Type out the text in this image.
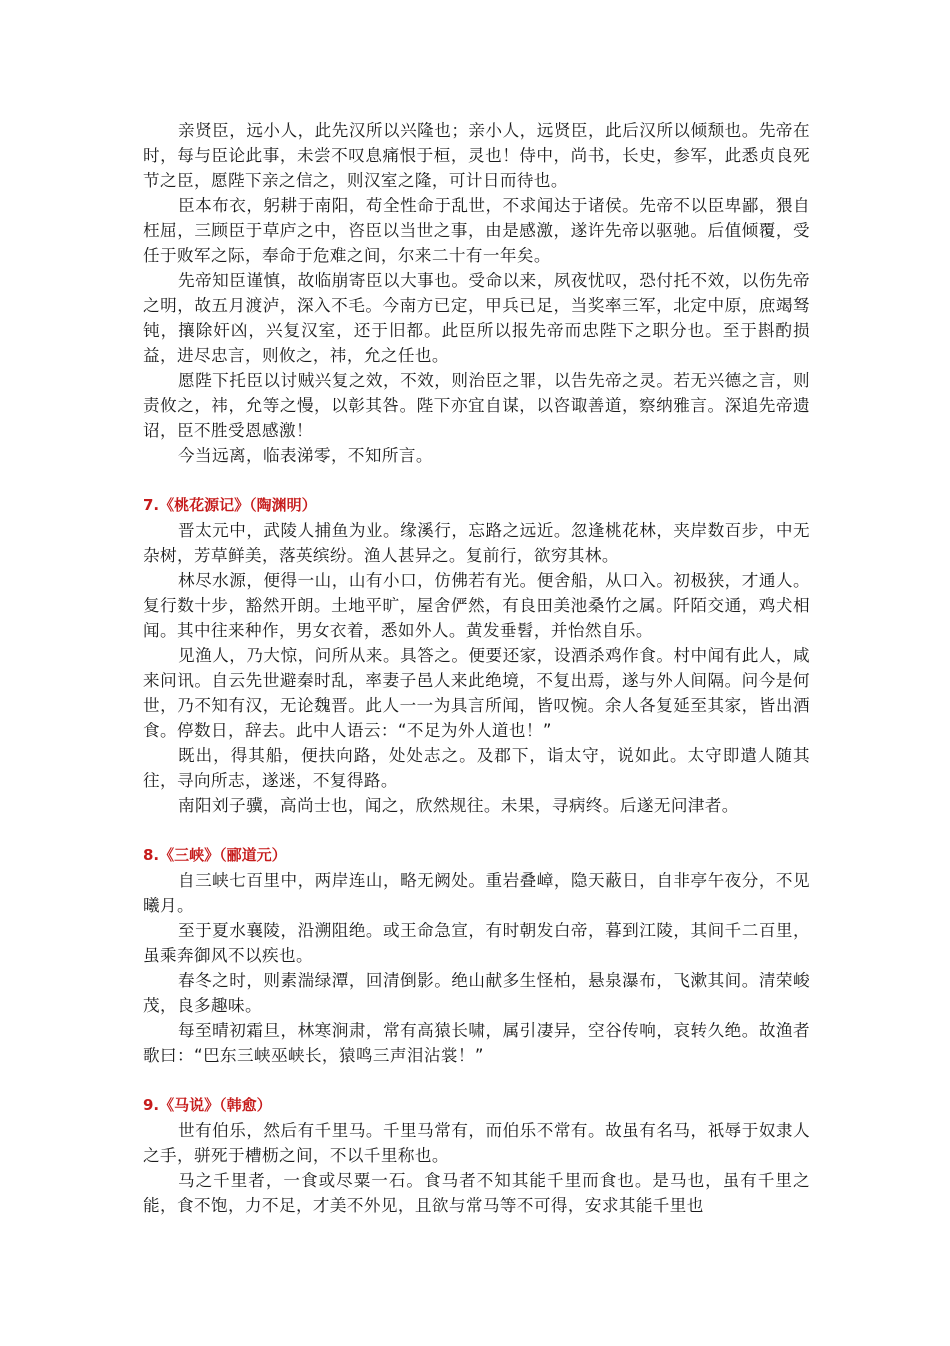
亲贤臣，远小人，此先汉所以兴隆也；亲小人，远贤臣，此后汉所以倾颓也。先帝在时，每与臣论此事，未尝不叹息痛恨于桓，灵也！侍中，尚书，长史，参军，此悉贞良死节之臣，愿陛下亲之信之，则汉室之隆，可计日而待也。

臣本布衣，躬耕于南阳，苟全性命于乱世，不求闻达于诸侯。先帝不以臣卑鄙，猥自枉屈，三顾臣于草庐之中，咨臣以当世之事，由是感激，遂许先帝以驱驰。后值倾覆，受任于败军之际，奉命于危难之间，尔来二十有一年矣。

先帝知臣谨慎，故临崩寄臣以大事也。受命以来，夙夜忧叹，恐付托不效，以伤先帝之明，故五月渡泸，深入不毛。今南方已定，甲兵已足，当奖率三军，北定中原，庶竭驽钝，攘除奸凶，兴复汉室，还于旧都。此臣所以报先帝而忠陛下之职分也。至于斟酌损益，进尽忠言，则攸之，祎，允之任也。

愿陛下托臣以讨贼兴复之效，不效，则治臣之罪，以告先帝之灵。若无兴德之言，则责攸之，祎，允等之慢，以彰其咎。陛下亦宜自谋，以咨诹善道，察纳雅言。深追先帝遗诏，臣不胜受恩感激！

今当远离，临表涕零，不知所言。

7.《桃花源记》（陶渊明）

晋太元中，武陵人捕鱼为业。缘溪行，忘路之远近。忽逢桃花林，夹岸数百步，中无杂树，芳草鲜美，落英缤纷。渔人甚异之。复前行，欲穷其林。

林尽水源，便得一山，山有小口，仿佛若有光。便舍船，从口入。初极狭，才通人。复行数十步，豁然开朗。土地平旷，屋舍俨然，有良田美池桑竹之属。阡陌交通，鸡犬相闻。其中往来种作，男女衣着，悉如外人。黄发垂髫，并怡然自乐。

见渔人，乃大惊，问所从来。具答之。便要还家，设酒杀鸡作食。村中闻有此人，咸来问讯。自云先世避秦时乱，率妻子邑人来此绝境，不复出焉，遂与外人间隔。问今是何世，乃不知有汉，无论魏晋。此人一一为具言所闻，皆叹惋。余人各复延至其家，皆出酒食。停数日，辞去。此中人语云：“不足为外人道也！”

既出，得其船，便扶向路，处处志之。及郡下，诣太守，说如此。太守即遣人随其往，寻向所志，遂迷，不复得路。

南阳刘子骥，高尚士也，闻之，欣然规往。未果，寻病终。后遂无问津者。

8.《三峡》（郦道元）

自三峡七百里中，两岸连山，略无阙处。重岩叠嶂，隐天蔽日，自非亭午夜分，不见曦月。

至于夏水襄陵，沿溯阻绝。或王命急宣，有时朝发白帝，暮到江陵，其间千二百里，虽乘奔御风不以疾也。

春冬之时，则素湍绿潭，回清倒影。绝山献多生怪柏，悬泉瀑布，飞漱其间。清荣峻茂，良多趣味。

每至晴初霜旦，林寒涧肃，常有高猿长啸，属引凄异，空谷传响，哀转久绝。故渔者歌曰：“巴东三峡巫峡长，猿鸣三声泪沾裳！”

9.《马说》（韩愈）

世有伯乐，然后有千里马。千里马常有，而伯乐不常有。故虽有名马，祇辱于奴隶人之手，骈死于槽枥之间，不以千里称也。

马之千里者，一食或尽粟一石。食马者不知其能千里而食也。是马也，虽有千里之能，食不饱，力不足，才美不外见，且欲与常马等不可得，安求其能千里也
